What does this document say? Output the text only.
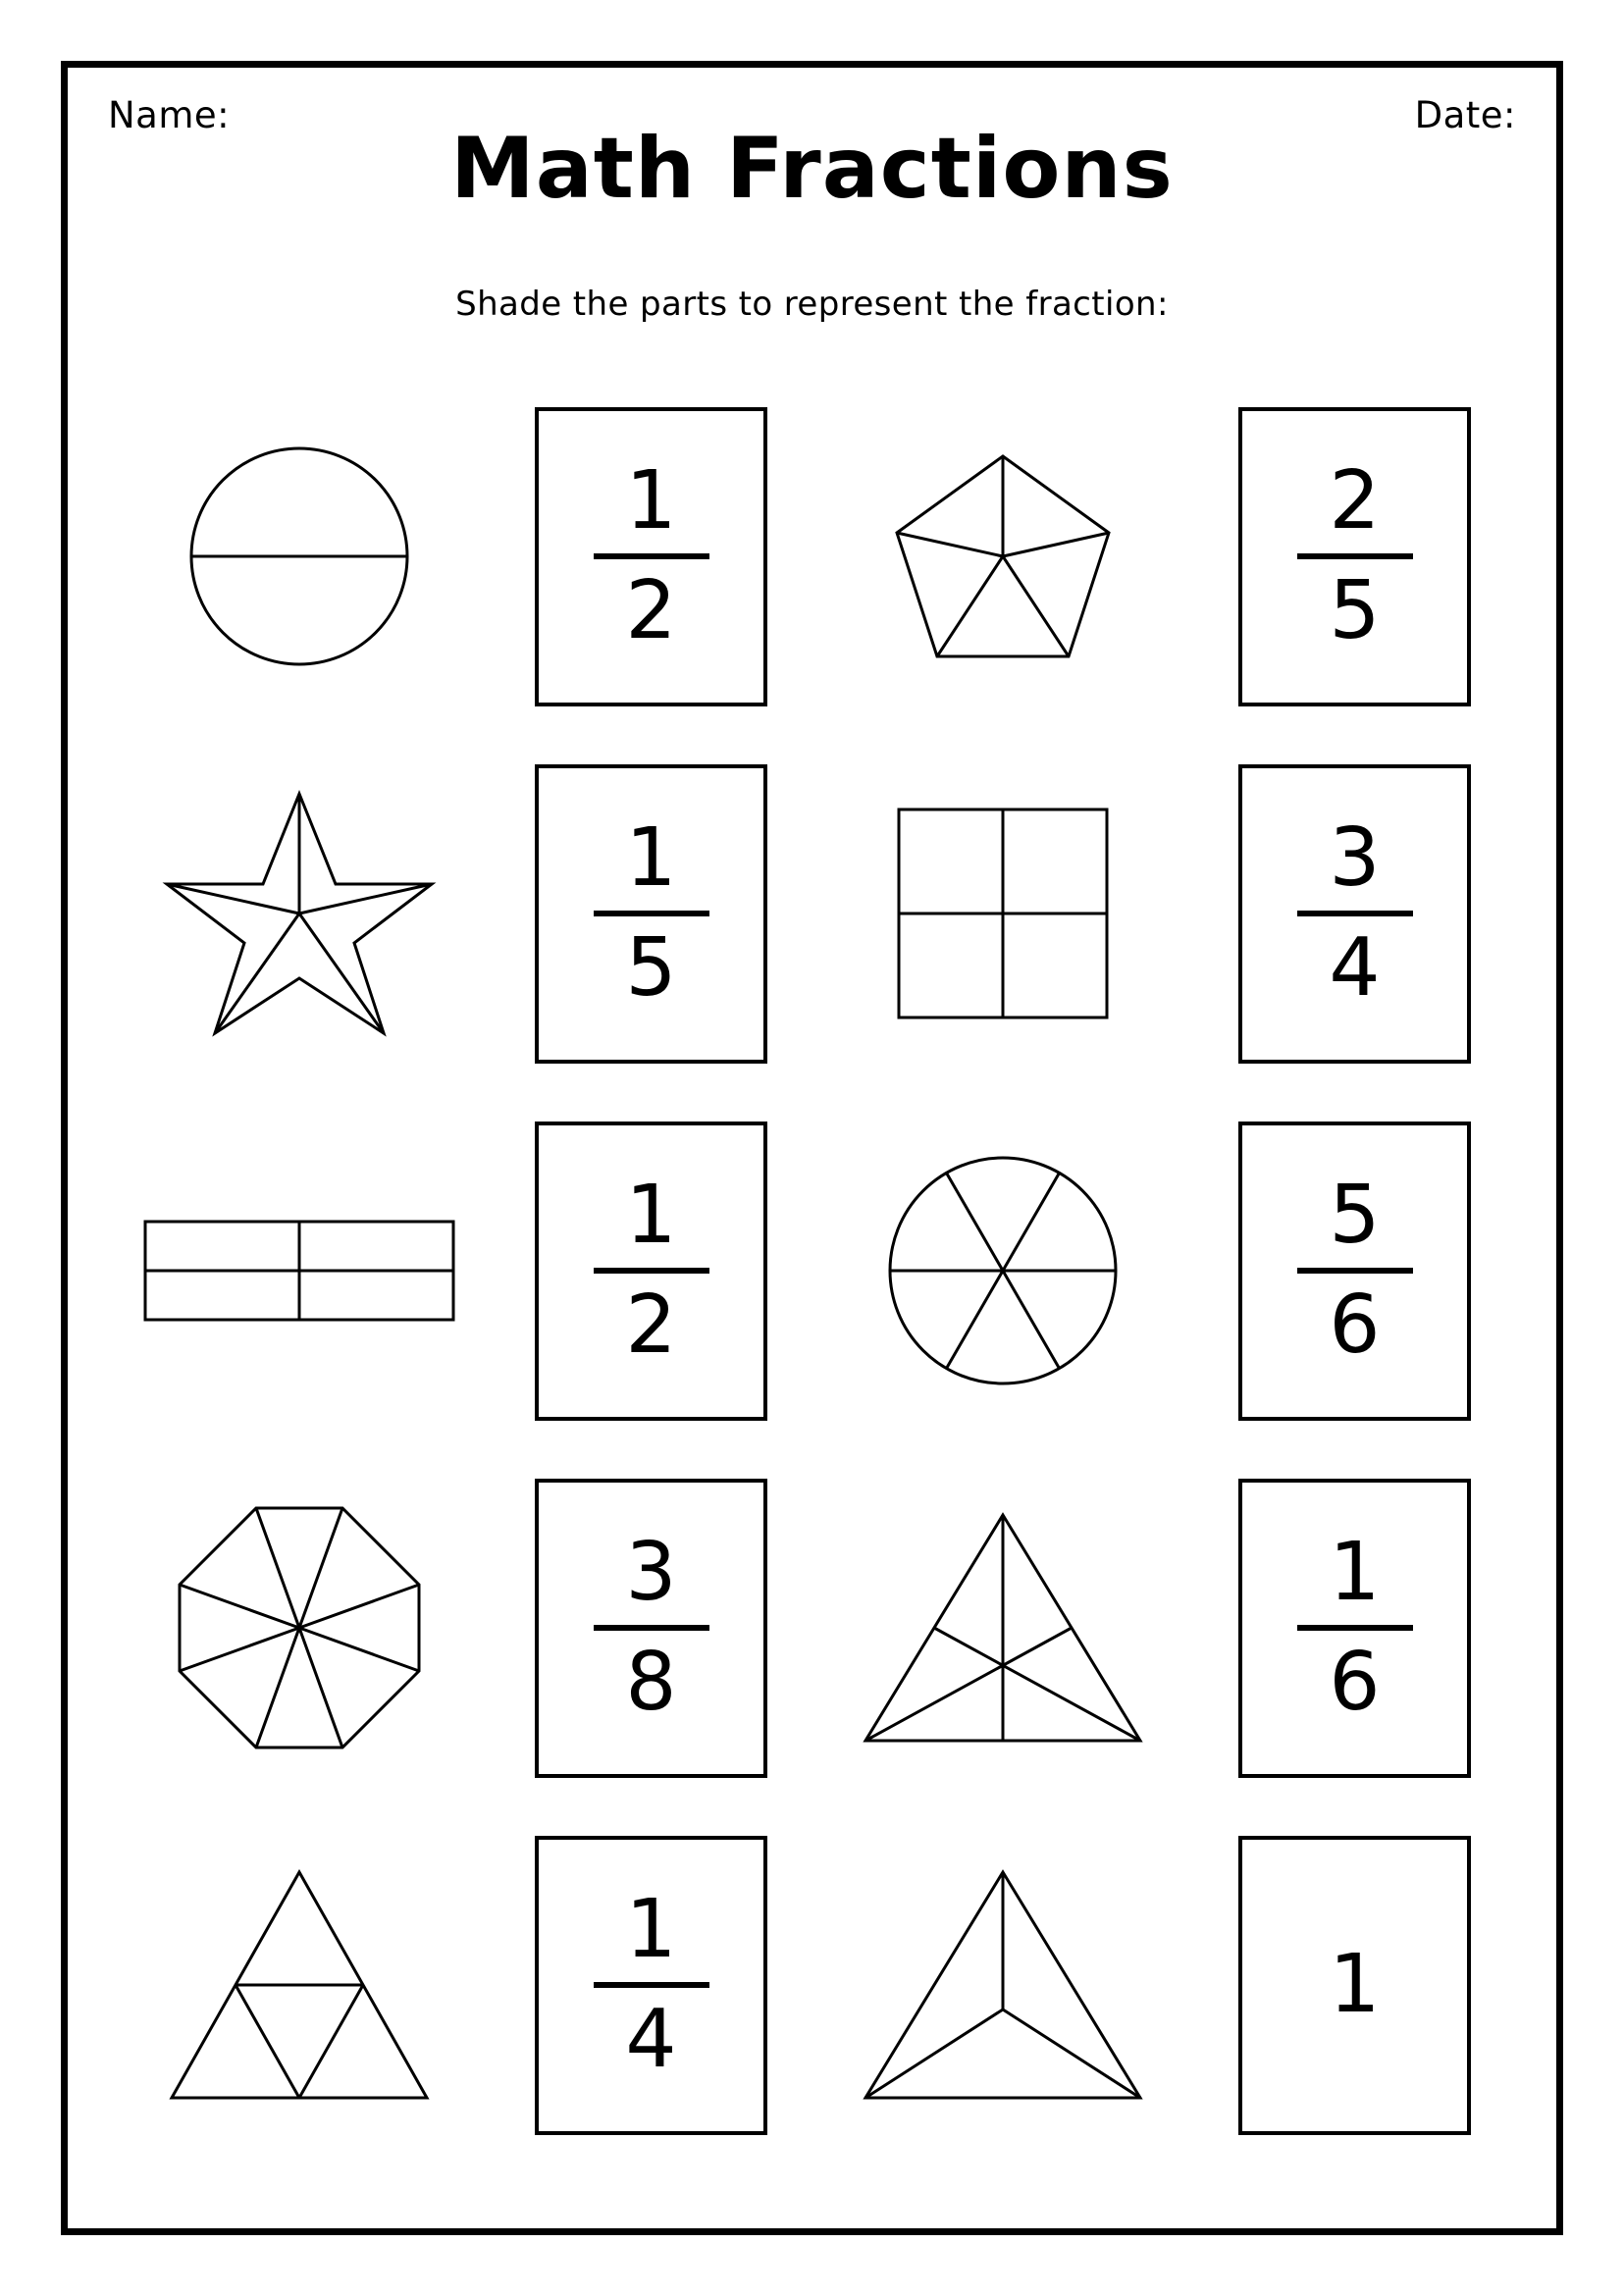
Name:	Date:
Math Fractions
Shade the parts to represent the fraction:
1
2
2
5
1
5
3
4
1
2
5
6
3
8
1
6
1
4
1
